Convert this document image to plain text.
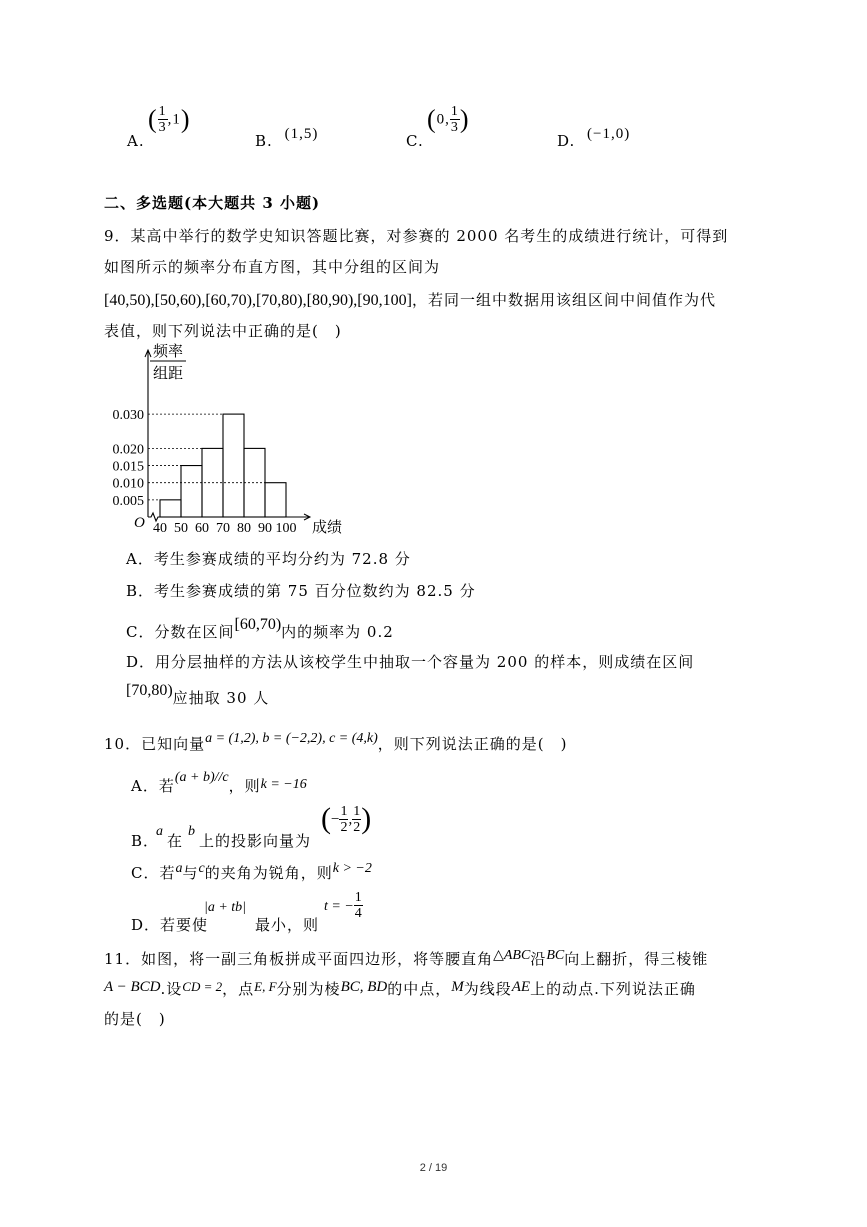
A.
( $\frac{1}{3} ,1$)
B. (1,5)	C.
(0, $\frac{1}{3}$ )
D. (−1,0)
二、多选题(本大题共 3 小题)
9．某高中举行的数学史知识答题比赛，对参赛的 2000 名考生的成绩进行统计，可得到
如图所示的频率分布直方图，其中分组的区间为
[40,50),[50,60),[60,70),[70,80),[80,90),[90,100]，若同一组中数据用该组区间中间值作为代
表值，则下列说法中正确的是(　)
0.005
0.010
0.015
0.020
0.030
O 40 50 60 70 80 90 100 成绩
频率
组距
A．考生参赛成绩的平均分约为 72.8 分
B．考生参赛成绩的第 75 百分位数约为 82.5 分
C．分数在区间[60,70)内的频率为 0.2
D．用分层抽样的方法从该校学生中抽取一个容量为 200 的样本，则成绩在区间
[70,80)应抽取 30 人
10．已知向量a = (1,2), b = (−2,2), c = (4,k)，则下列说法正确的是(　)
A．若(a + b)//c，则k = −16
B．
a
在
b
上的投影向量为
(− $\frac{1}{2}$ , $\frac{1}{2}$ )
C．若a与c的夹角为锐角，则k > −2
D．若要使
|a + tb|
最小，则
t = − $\frac{1}{4}$
11．如图，将一副三角板拼成平面四边形，将等腰直角△ABC沿BC向上翻折，得三棱锥
A − BCD.设CD = 2，点E, F分别为棱BC, BD的中点，M为线段AE上的动点.下列说法正确
的是(　)
2 / 19
